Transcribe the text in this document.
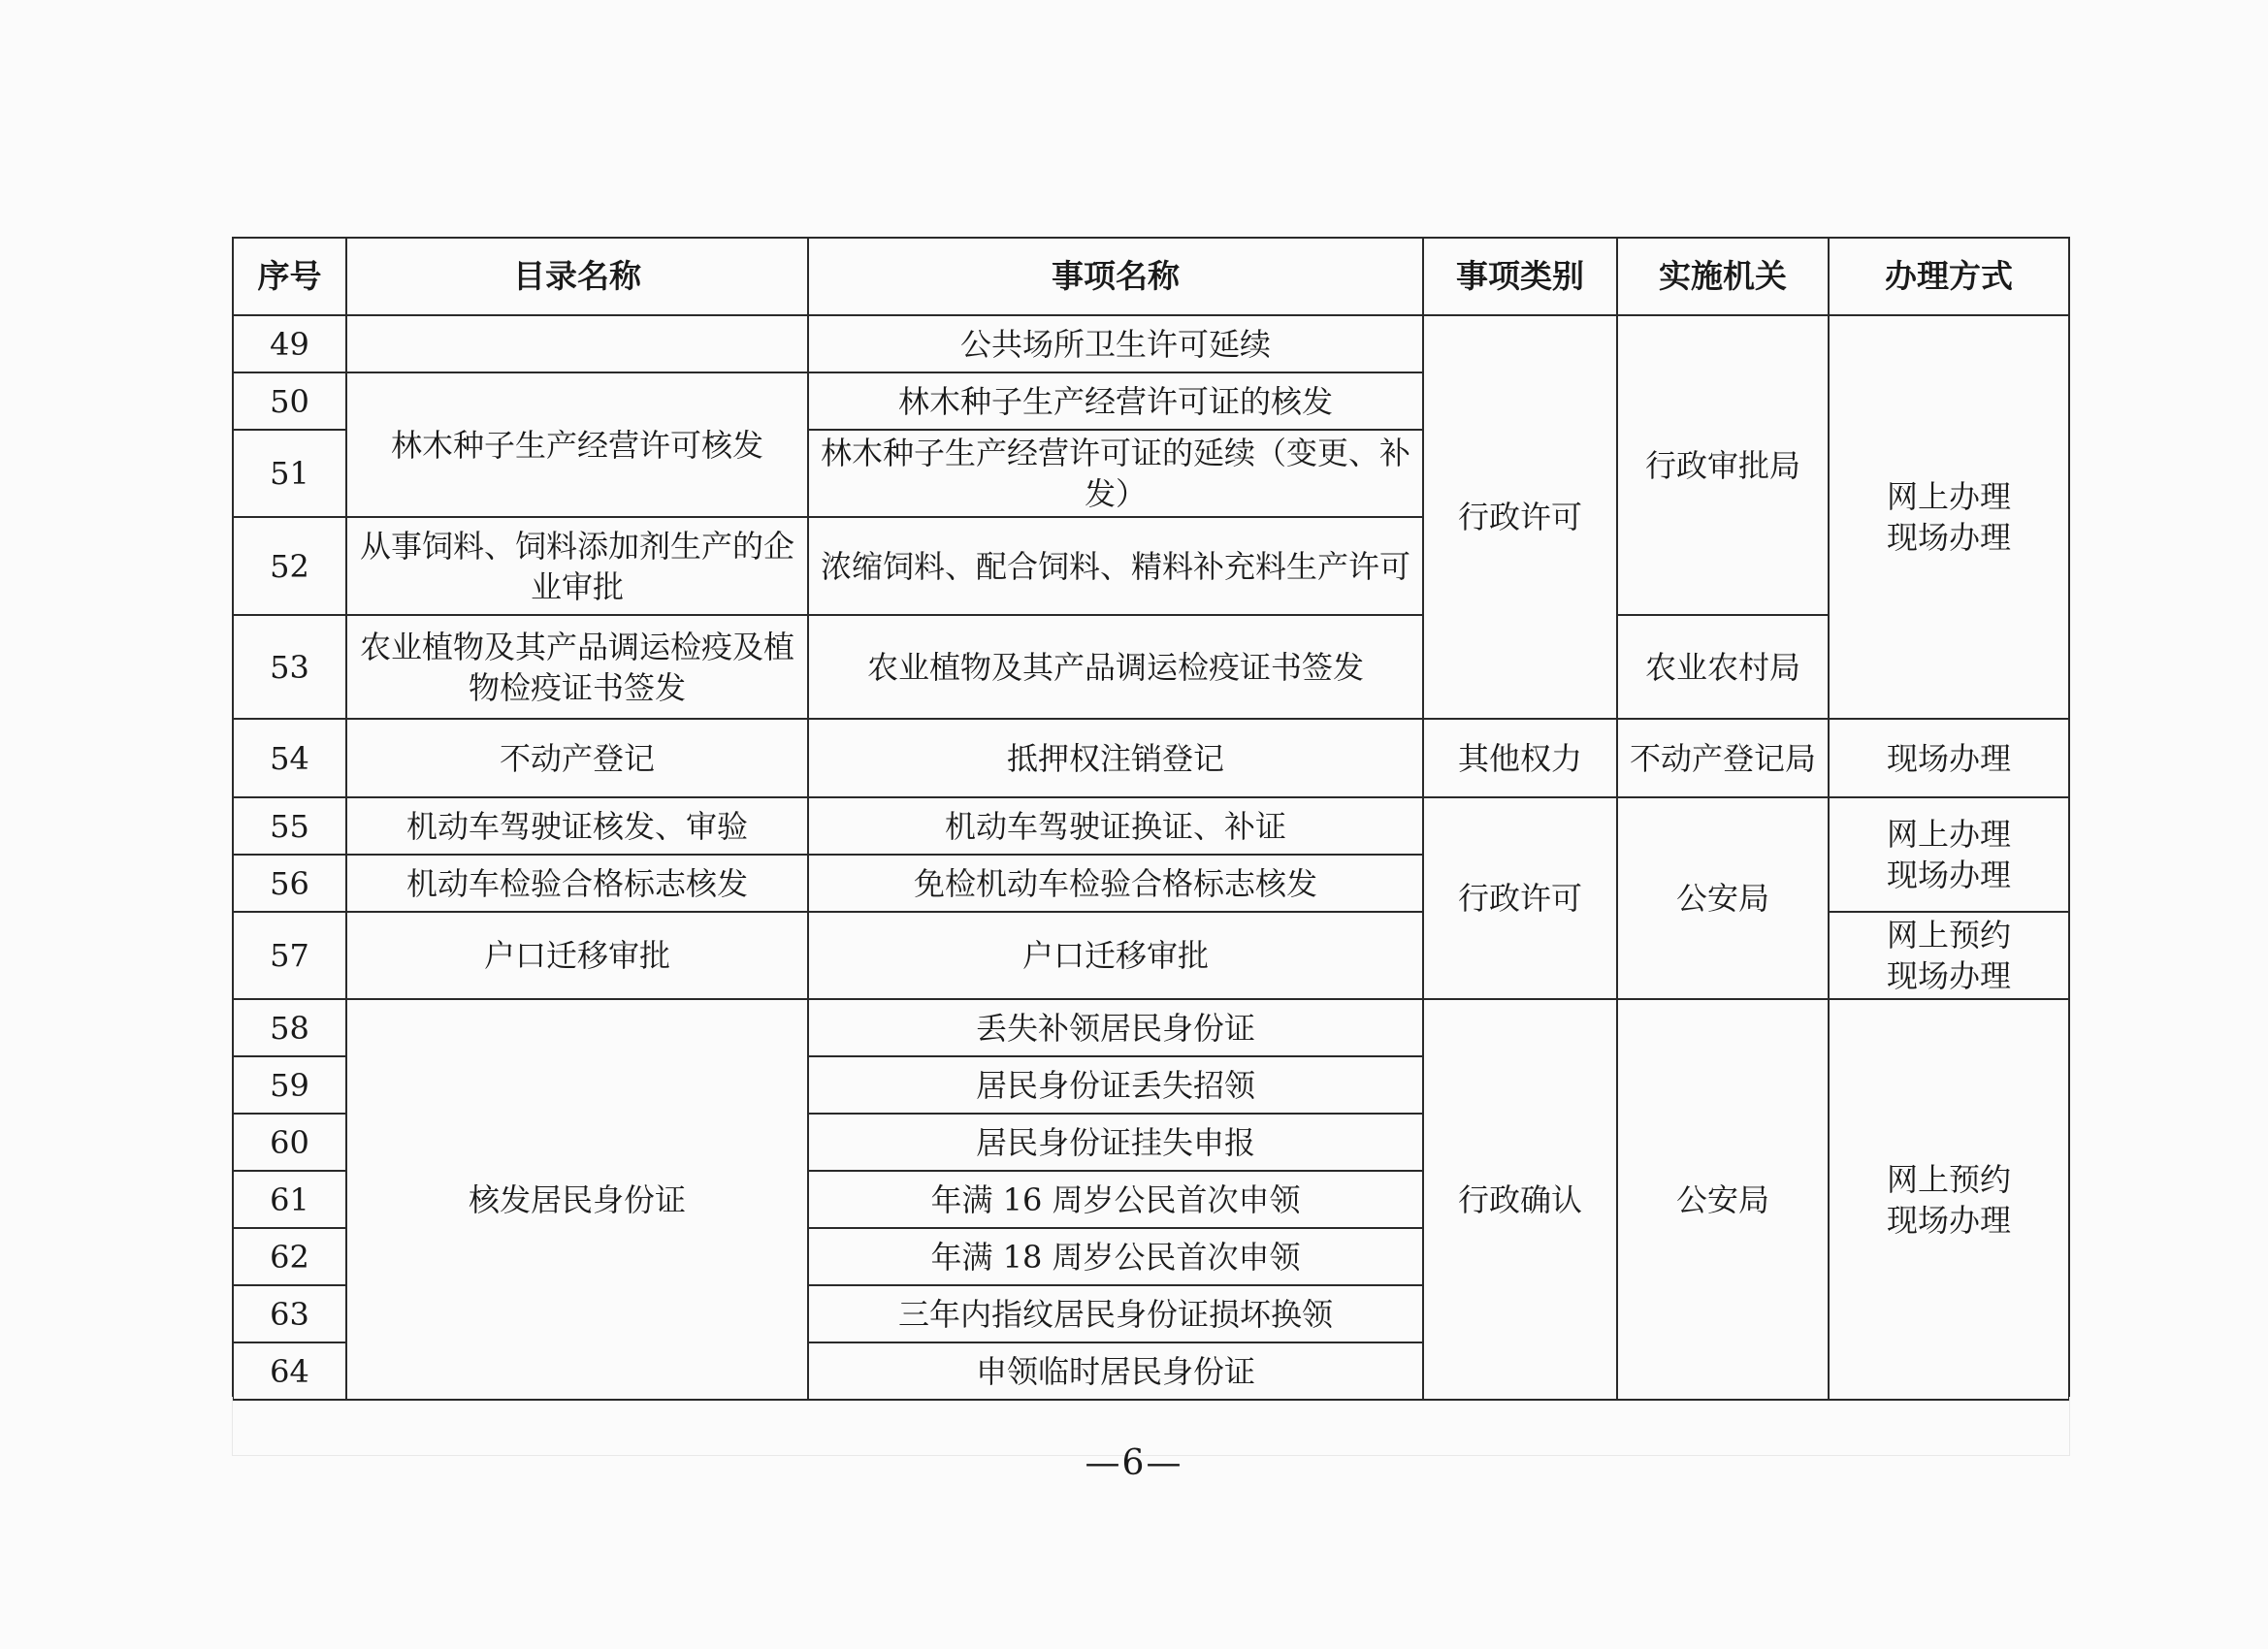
序号	目录名称	事项名称	事项类别	实施机关	办理方式
49		公共场所卫生许可延续	行政许可	行政审批局	网上办理
现场办理
50	林木种子生产经营许可核发	林木种子生产经营许可证的核发			
51		林木种子生产经营许可证的延续（变更、补
发）			
52	从事饲料、饲料添加剂生产的企
业审批	浓缩饲料、配合饲料、精料补充料生产许可			
53	农业植物及其产品调运检疫及植
物检疫证书签发	农业植物及其产品调运检疫证书签发		农业农村局	
54	不动产登记	抵押权注销登记	其他权力	不动产登记局	现场办理
55	机动车驾驶证核发、审验	机动车驾驶证换证、补证	行政许可	公安局	网上办理
现场办理
56	机动车检验合格标志核发	免检机动车检验合格标志核发			
57	户口迁移审批	户口迁移审批			网上预约
现场办理
58	核发居民身份证	丢失补领居民身份证	行政确认	公安局	网上预约
现场办理
59		居民身份证丢失招领			
60		居民身份证挂失申报			
61		年满 16 周岁公民首次申领			
62		年满 18 周岁公民首次申领			
63		三年内指纹居民身份证损坏换领			
64		申领临时居民身份证			
—6—
